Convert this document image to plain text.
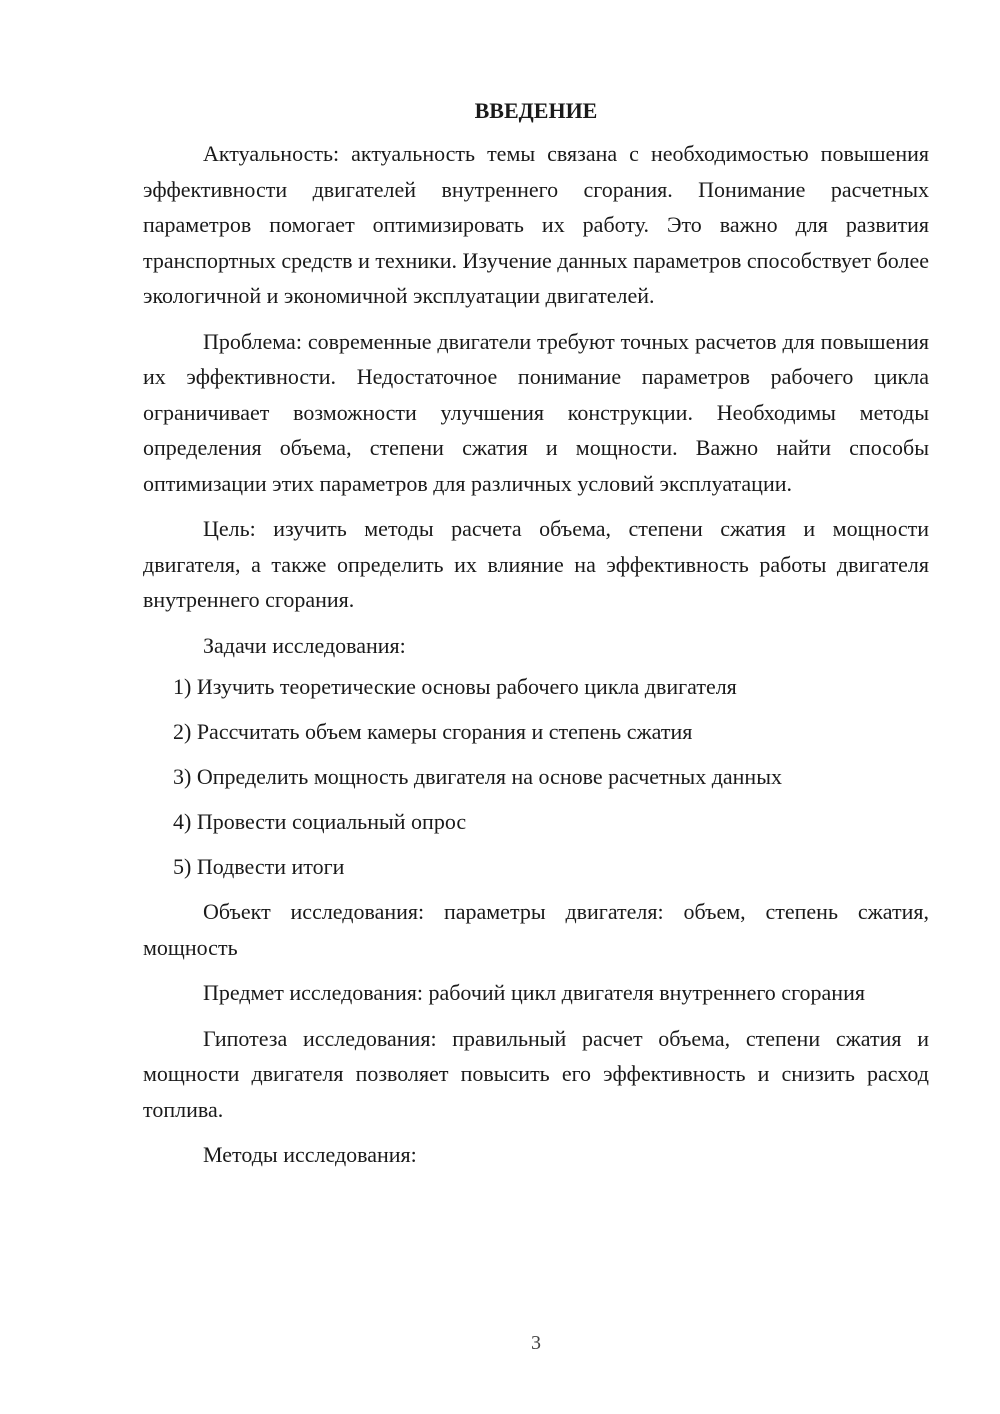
ВВЕДЕНИЕ

Актуальность: актуальность темы связана с необходимостью повышения эффективности двигателей внутреннего сгорания. Понимание расчетных параметров помогает оптимизировать их работу. Это важно для развития транспортных средств и техники. Изучение данных параметров способствует более экологичной и экономичной эксплуатации двигателей.

Проблема: современные двигатели требуют точных расчетов для повышения их эффективности. Недостаточное понимание параметров рабочего цикла ограничивает возможности улучшения конструкции. Необходимы методы определения объема, степени сжатия и мощности. Важно найти способы оптимизации этих параметров для различных условий эксплуатации.

Цель: изучить методы расчета объема, степени сжатия и мощности двигателя, а также определить их влияние на эффективность работы двигателя внутреннего сгорания.

Задачи исследования:

1) Изучить теоретические основы рабочего цикла двигателя
2) Рассчитать объем камеры сгорания и степень сжатия
3) Определить мощность двигателя на основе расчетных данных
4) Провести социальный опрос
5) Подвести итоги

Объект исследования: параметры двигателя: объем, степень сжатия, мощность

Предмет исследования: рабочий цикл двигателя внутреннего сгорания

Гипотеза исследования: правильный расчет объема, степени сжатия и мощности двигателя позволяет повысить его эффективность и снизить расход топлива.

Методы исследования:

3
